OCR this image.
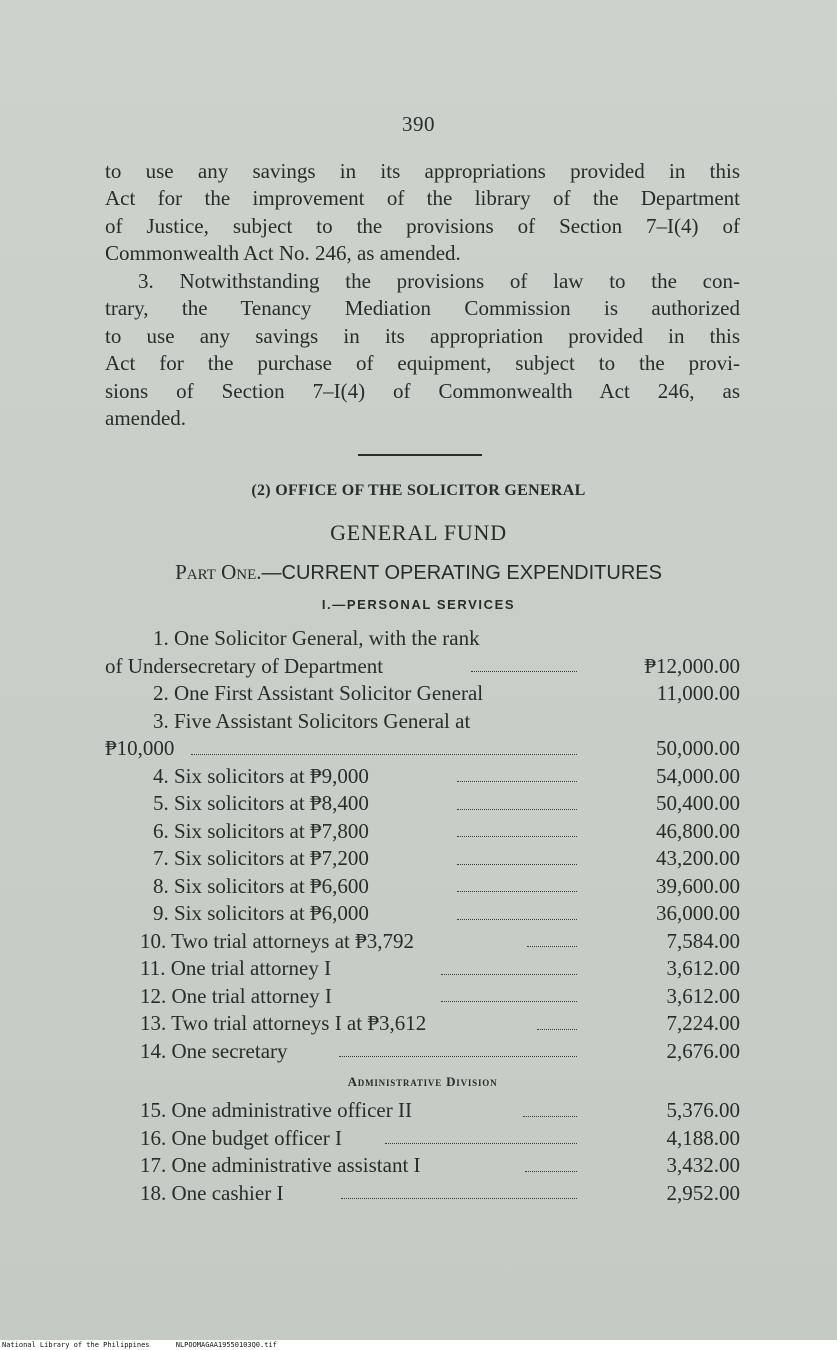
390
to use any savings in its appropriations provided in this
Act for the improvement of the library of the Department
of Justice, subject to the provisions of Section 7–I(4) of
Commonwealth Act No. 246, as amended.
3. Notwithstanding the provisions of law to the con-
trary, the Tenancy Mediation Commission is authorized
to use any savings in its appropriation provided in this
Act for the purchase of equipment, subject to the provi-
sions of Section 7–I(4) of Commonwealth Act 246, as
amended.
(2) OFFICE OF THE SOLICITOR GENERAL
GENERAL FUND
Part One.—CURRENT OPERATING EXPENDITURES
I.—PERSONAL SERVICES
1. One Solicitor General, with the rank
of Undersecretary of Department	₱12,000.00
2. One First Assistant Solicitor General	11,000.00
3. Five Assistant Solicitors General at
₱10,000	50,000.00
4. Six solicitors at ₱9,000	54,000.00
5. Six solicitors at ₱8,400	50,400.00
6. Six solicitors at ₱7,800	46,800.00
7. Six solicitors at ₱7,200	43,200.00
8. Six solicitors at ₱6,600	39,600.00
9. Six solicitors at ₱6,000	36,000.00
10. Two trial attorneys at ₱3,792	7,584.00
11. One trial attorney I	3,612.00
12. One trial attorney I	3,612.00
13. Two trial attorneys I at ₱3,612	7,224.00
14. One secretary	2,676.00
Administrative Division
15. One administrative officer II	5,376.00
16. One budget officer I	4,188.00
17. One administrative assistant I	3,432.00
18. One cashier I	2,952.00
National Library of the Philippines	NLPOOMAGAA19550103Q0.tif
